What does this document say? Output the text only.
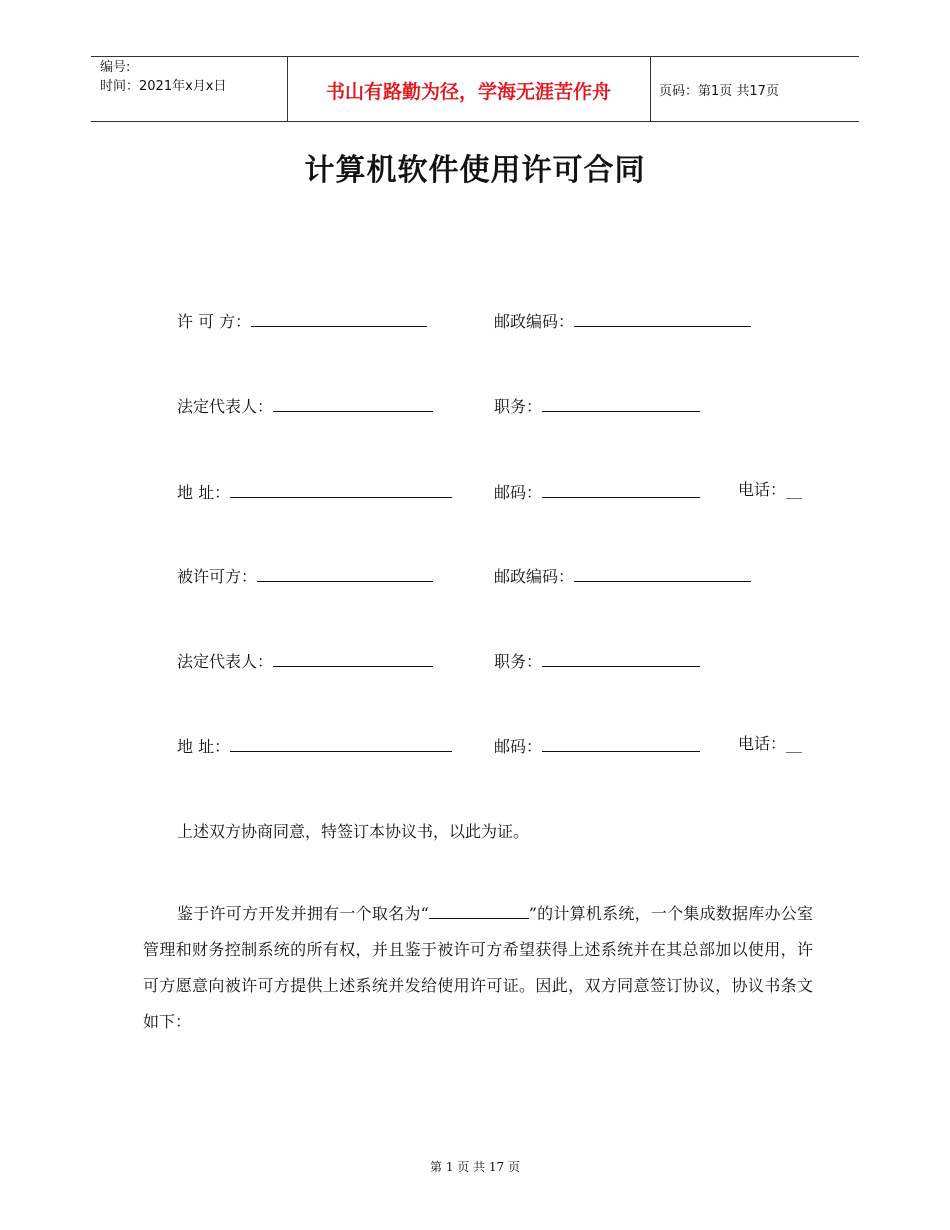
编号:
时间：2021年x月x日	书山有路勤为径，学海无涯苦作舟	页码：第1页 共17页
计算机软件使用许可合同
许 可 方：	邮政编码：
法定代表人：	职务：
地 址：	邮码：	电话：__
被许可方：	邮政编码：
法定代表人：	职务：
地 址：	邮码：	电话：__
上述双方协商同意，特签订本协议书，以此为证。
鉴于许可方开发并拥有一个取名为“	”的计算机系统，一个集成数据库办公室管理和财务控制系统的所有权，并且鉴于被许可方希望获得上述系统并在其总部加以使用，许可方愿意向被许可方提供上述系统并发给使用许可证。因此，双方同意签订协议，协议书条文如下：
第 1 页 共 17 页
